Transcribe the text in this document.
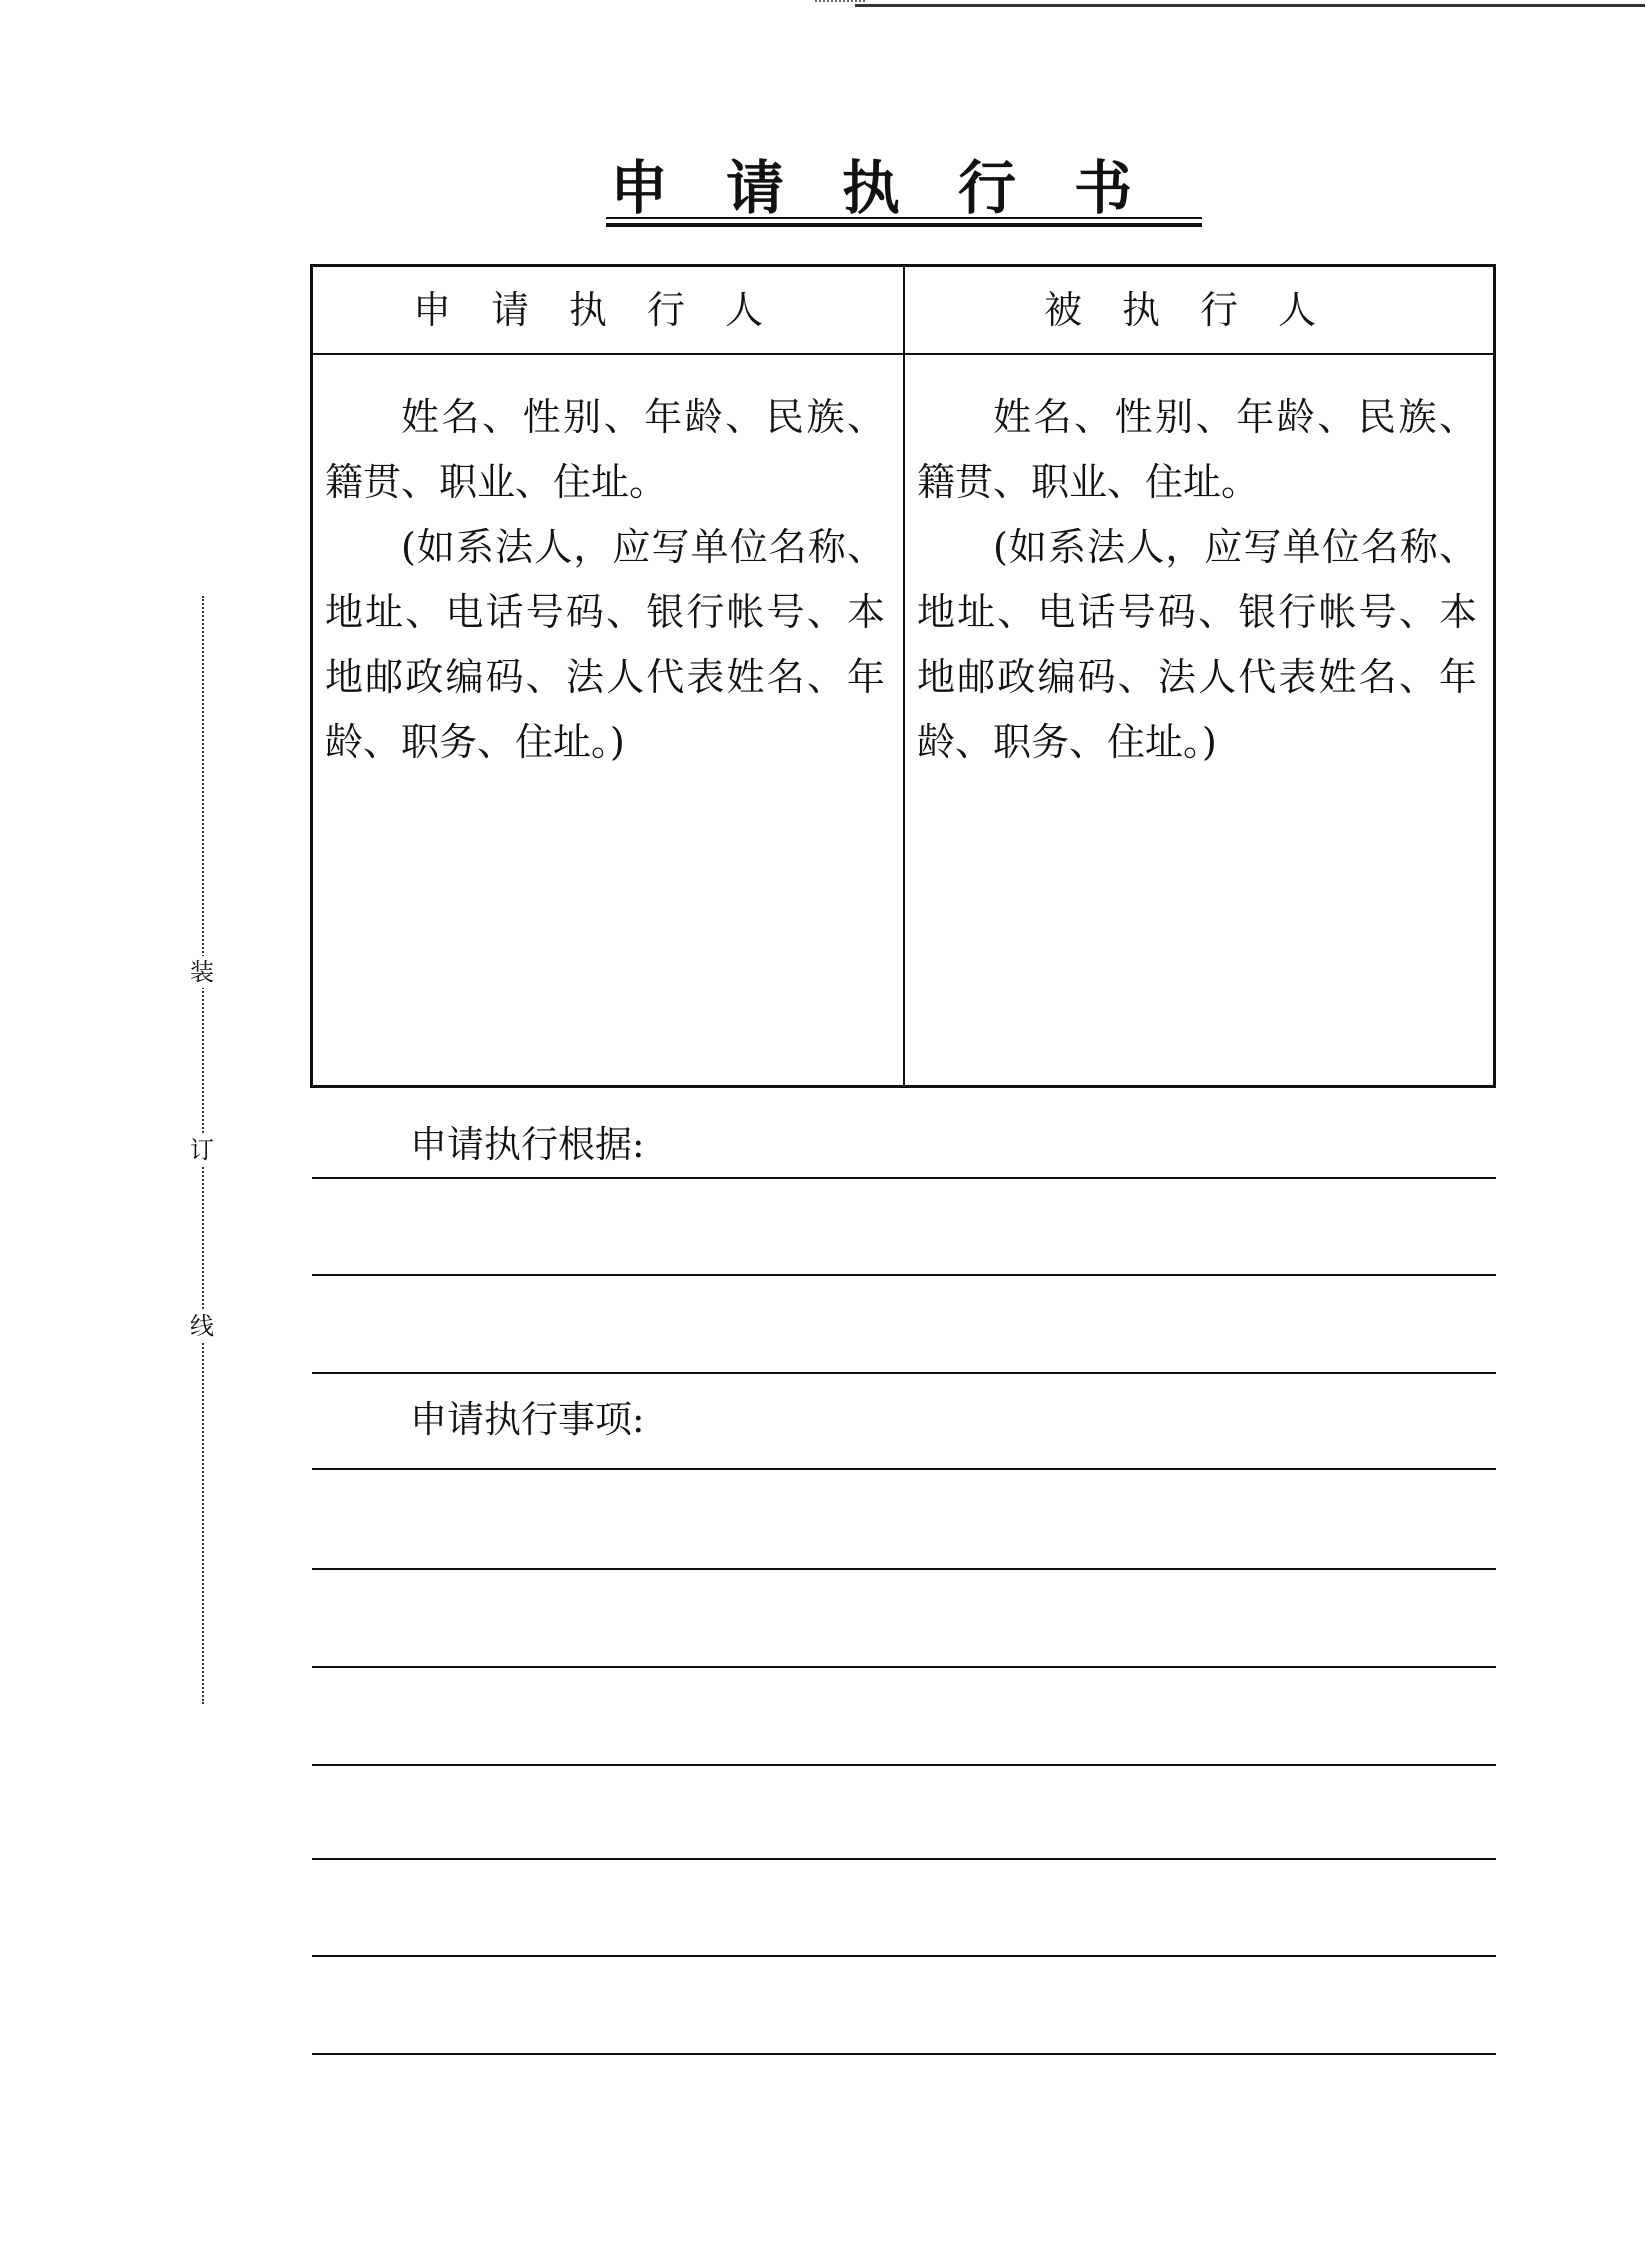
申请执行书
装
订
线
申请执行人	被执行人

姓名、性别、年龄、民族、籍贯、职业、住址。

(如系法人，应写单位名称、地址、电话号码、银行帐号、本地邮政编码、法人代表姓名、年龄、职务、住址。)

姓名、性别、年龄、民族、籍贯、职业、住址。

(如系法人，应写单位名称、地址、电话号码、银行帐号、本地邮政编码、法人代表姓名、年龄、职务、住址。)

申请执行根据:
申请执行事项:
